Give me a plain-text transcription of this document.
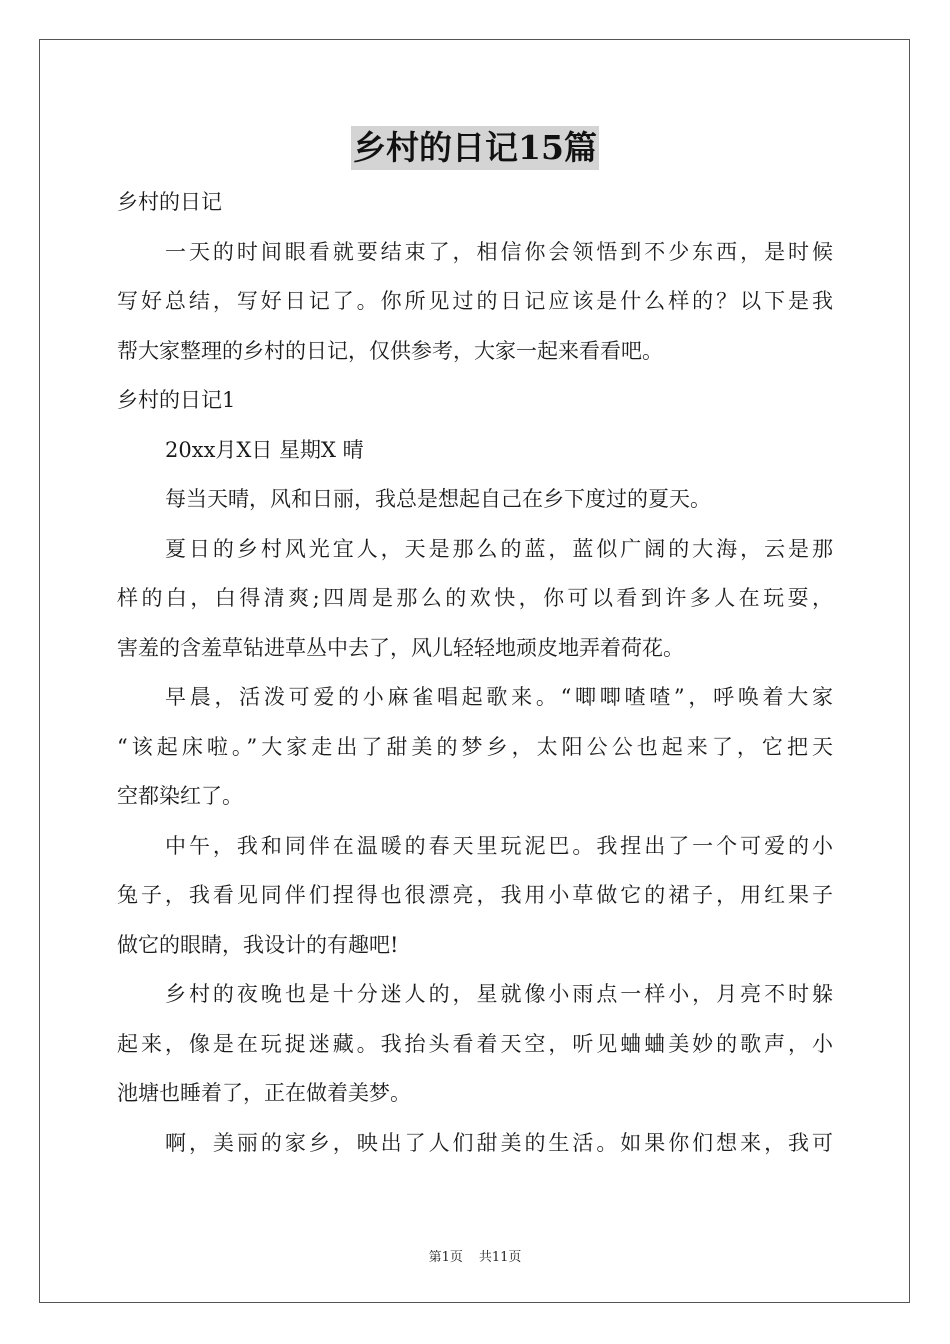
乡村的日记15篇
乡村的日记
一天的时间眼看就要结束了，相信你会领悟到不少东西，是时候
写好总结，写好日记了。你所见过的日记应该是什么样的？以下是我
帮大家整理的乡村的日记，仅供参考，大家一起来看看吧。
乡村的日记1
20xx月X日 星期X 晴
每当天晴，风和日丽，我总是想起自己在乡下度过的夏天。
夏日的乡村风光宜人，天是那么的蓝，蓝似广阔的大海，云是那
样的白，白得清爽;四周是那么的欢快，你可以看到许多人在玩耍，
害羞的含羞草钻进草丛中去了，风儿轻轻地顽皮地弄着荷花。
早晨，活泼可爱的小麻雀唱起歌来。“唧唧喳喳”，呼唤着大家
“该起床啦。”大家走出了甜美的梦乡，太阳公公也起来了，它把天
空都染红了。
中午，我和同伴在温暖的春天里玩泥巴。我捏出了一个可爱的小
兔子，我看见同伴们捏得也很漂亮，我用小草做它的裙子，用红果子
做它的眼睛，我设计的有趣吧!
乡村的夜晚也是十分迷人的，星就像小雨点一样小，月亮不时躲
起来，像是在玩捉迷藏。我抬头看着天空，听见蛐蛐美妙的歌声，小
池塘也睡着了，正在做着美梦。
啊，美丽的家乡，映出了人们甜美的生活。如果你们想来，我可
第1页 共11页
